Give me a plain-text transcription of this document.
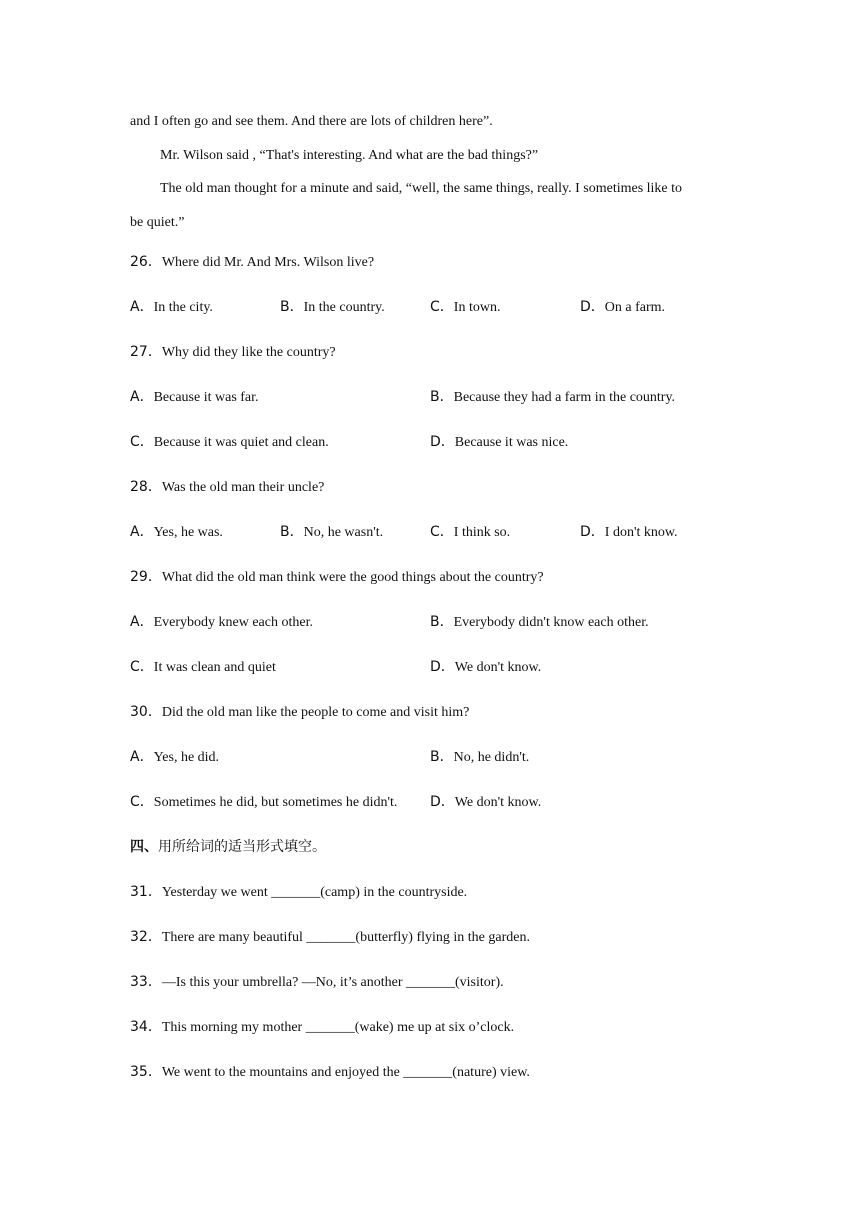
and I often go and see them. And there are lots of children here”.
Mr. Wilson said , “That's interesting. And what are the bad things?”
The old man thought for a minute and said, “well, the same things, really. I sometimes like to
be quiet.”
26．Where did Mr. And Mrs. Wilson live?
A．In the city.	B．In the country.	C．In town.	D．On a farm.
27．Why did they like the country?
A．Because it was far.	B．Because they had a farm in the country.
C．Because it was quiet and clean.	D．Because it was nice.
28．Was the old man their uncle?
A．Yes, he was.	B．No, he wasn't.	C．I think so.	D．I don't know.
29．What did the old man think were the good things about the country?
A．Everybody knew each other.	B．Everybody didn't know each other.
C．It was clean and quiet	D．We don't know.
30．Did the old man like the people to come and visit him?
A．Yes, he did.	B．No, he didn't.
C．Sometimes he did, but sometimes he didn't. D．We don't know.
四、用所给词的适当形式填空。
31．Yesterday we went _______(camp) in the countryside.
32．There are many beautiful _______(butterfly) flying in the garden.
33．—Is this your umbrella? —No, it’s another _______(visitor).
34．This morning my mother _______(wake) me up at six o’clock.
35．We went to the mountains and enjoyed the _______(nature) view.
